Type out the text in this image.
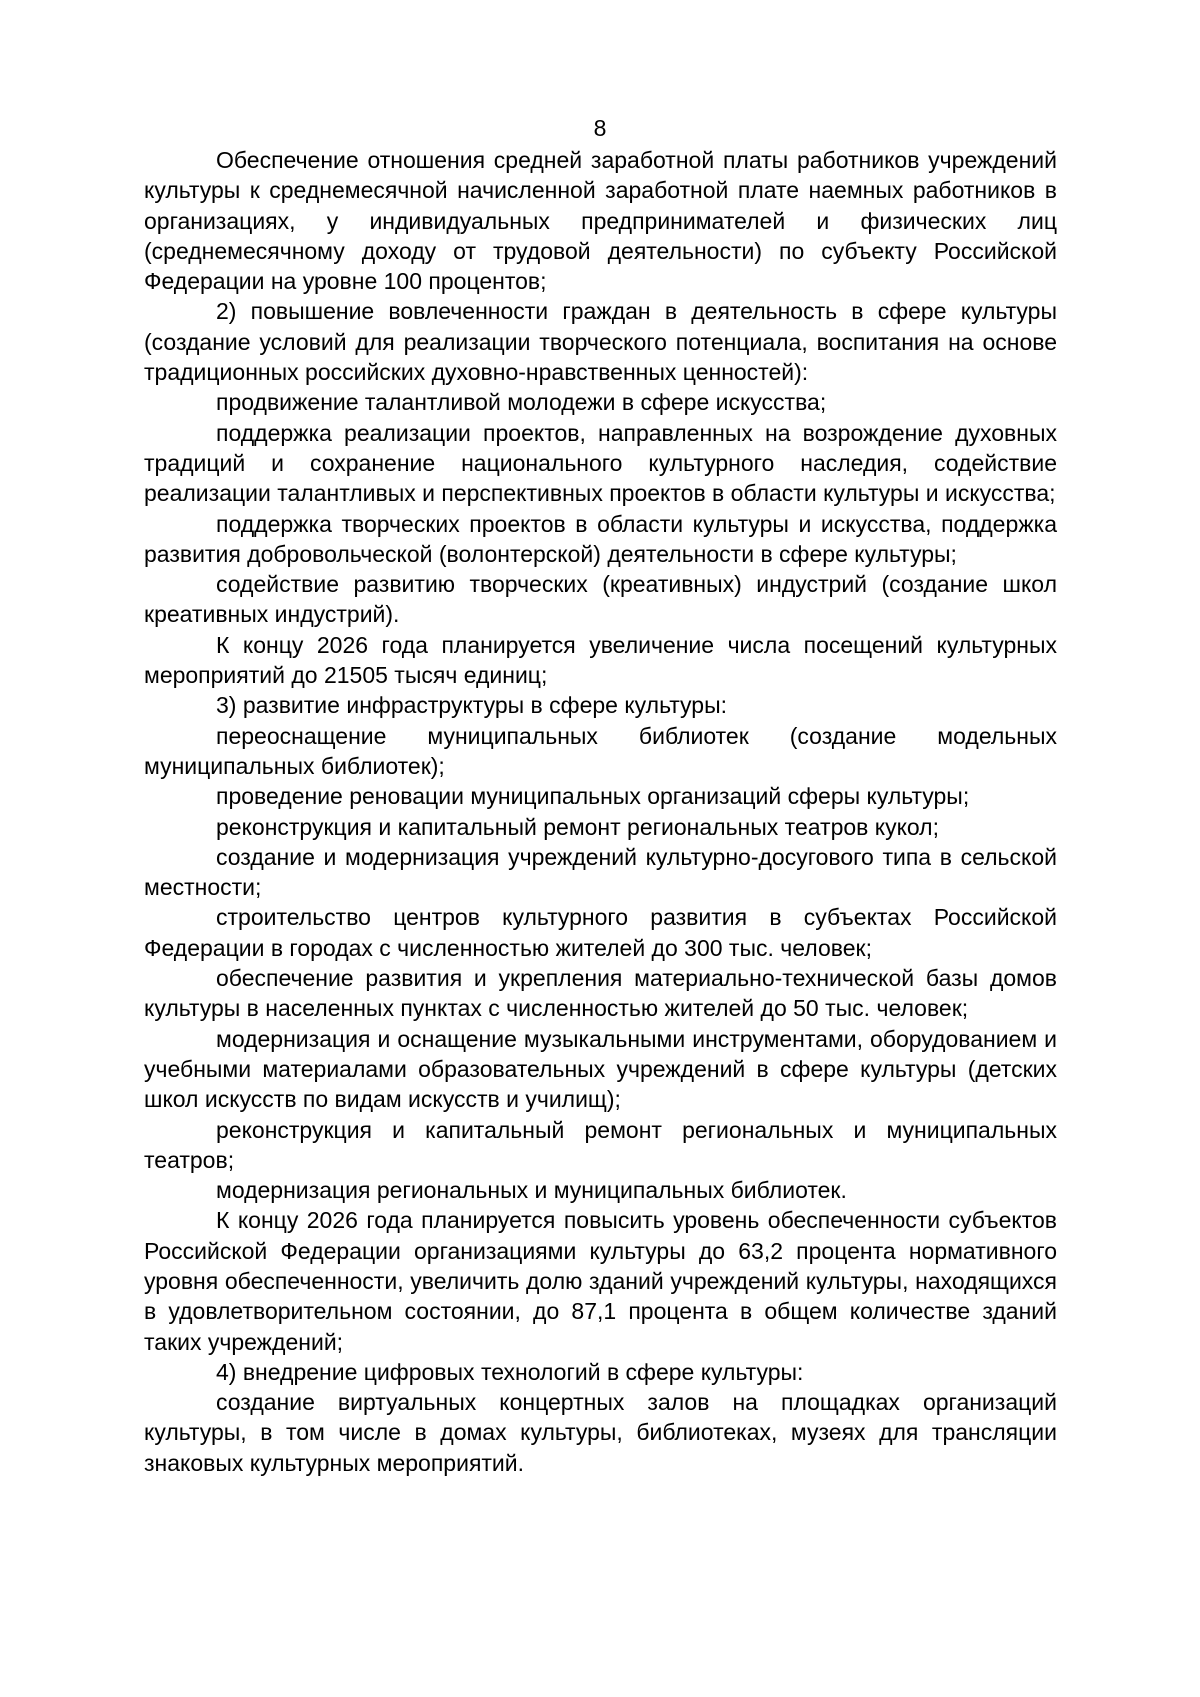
8

Обеспечение отношения средней заработной платы работников учреждений культуры к среднемесячной начисленной заработной плате наемных работников в организациях, у индивидуальных предпринимателей и физических лиц (среднемесячному доходу от трудовой деятельности) по субъекту Российской Федерации на уровне 100 процентов;

2) повышение вовлеченности граждан в деятельность в сфере культуры (создание условий для реализации творческого потенциала, воспитания на основе традиционных российских духовно-нравственных ценностей):

продвижение талантливой молодежи в сфере искусства;

поддержка реализации проектов, направленных на возрождение духовных традиций и сохранение национального культурного наследия, содействие реализации талантливых и перспективных проектов в области культуры и искусства;

поддержка творческих проектов в области культуры и искусства, поддержка развития добровольческой (волонтерской) деятельности в сфере культуры;

содействие развитию творческих (креативных) индустрий (создание школ креативных индустрий).

К концу 2026 года планируется увеличение числа посещений культурных мероприятий до 21505 тысяч единиц;

3) развитие инфраструктуры в сфере культуры:

переоснащение муниципальных библиотек (создание модельных муниципальных библиотек);

проведение реновации муниципальных организаций сферы культуры;

реконструкция и капитальный ремонт региональных театров кукол;

создание и модернизация учреждений культурно-досугового типа в сельской местности;

строительство центров культурного развития в субъектах Российской Федерации в городах с численностью жителей до 300 тыс. человек;

обеспечение развития и укрепления материально-технической базы домов культуры в населенных пунктах с численностью жителей до 50 тыс. человек;

модернизация и оснащение музыкальными инструментами, оборудованием и учебными материалами образовательных учреждений в сфере культуры (детских школ искусств по видам искусств и училищ);

реконструкция и капитальный ремонт региональных и муниципальных театров;

модернизация региональных и муниципальных библиотек.

К концу 2026 года планируется повысить уровень обеспеченности субъектов Российской Федерации организациями культуры до 63,2 процента нормативного уровня обеспеченности, увеличить долю зданий учреждений культуры, находящихся в удовлетворительном состоянии, до 87,1 процента в общем количестве зданий таких учреждений;

4) внедрение цифровых технологий в сфере культуры:

создание виртуальных концертных залов на площадках организаций культуры, в том числе в домах культуры, библиотеках, музеях для трансляции знаковых культурных мероприятий.
